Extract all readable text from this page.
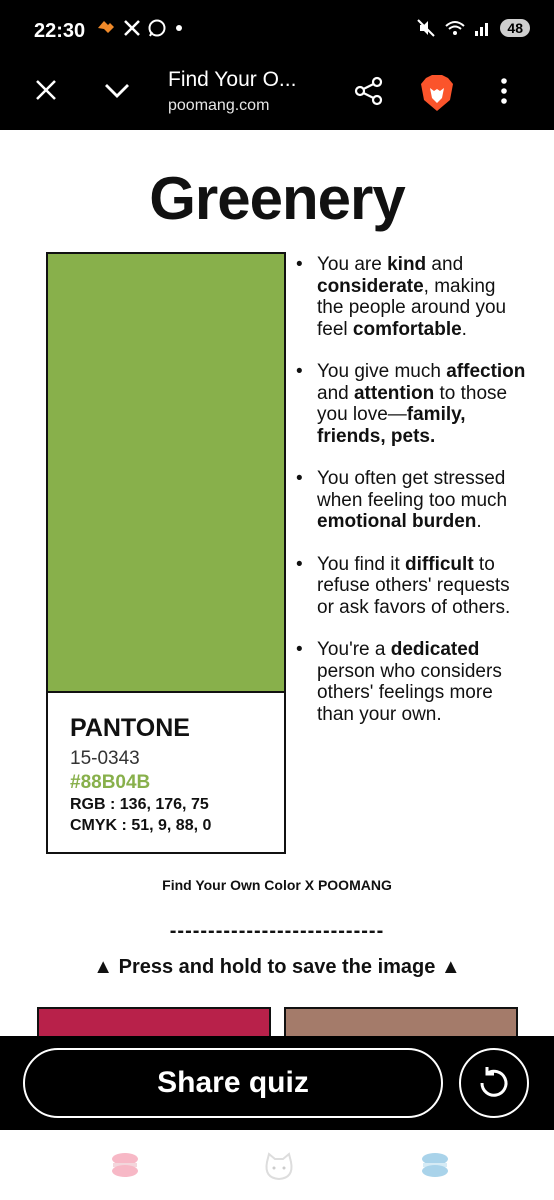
22:30	48
Find Your O...
poomang.com
Greenery
PANTONE
15-0343
#88B04B
RGB : 136, 176, 75
CMYK : 51, 9, 88, 0
• You are kind and considerate, making the people around you feel comfortable.
• You give much affection and attention to those you love—family, friends, pets.
• You often get stressed when feeling too much emotional burden.
• You find it difficult to refuse others' requests or ask favors of others.
• You're a dedicated person who considers others' feelings more than your own.
Find Your Own Color X POOMANG
----------------------------
▲ Press and hold to save the image ▲
Share quiz
